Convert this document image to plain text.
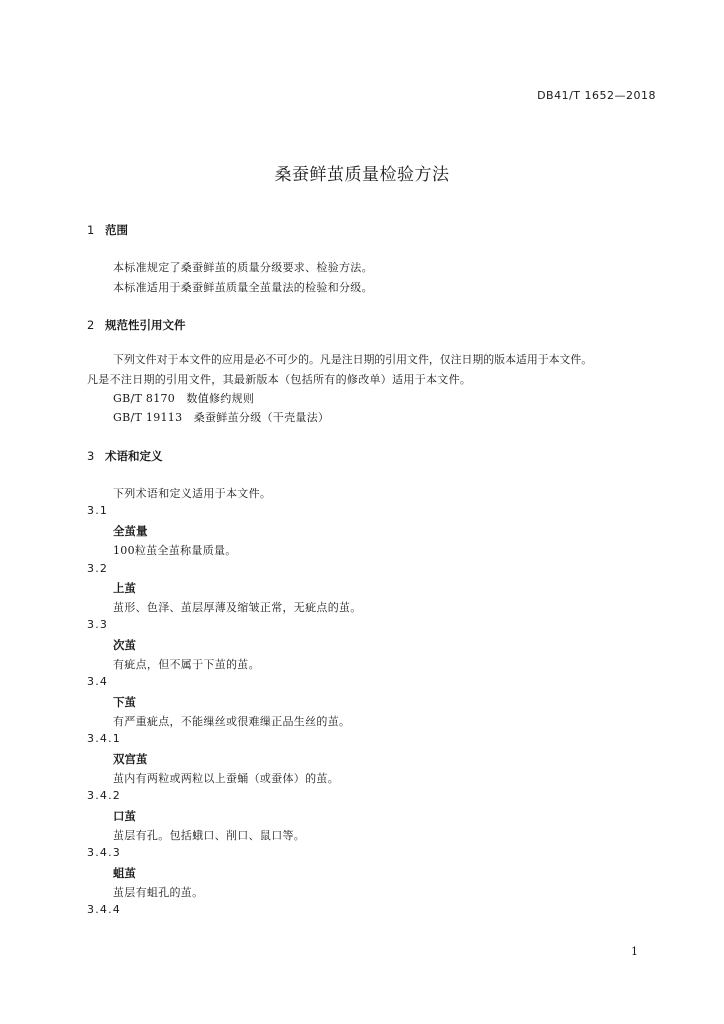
DB41/T 1652—2018
桑蚕鲜茧质量检验方法
1 范围
本标准规定了桑蚕鲜茧的质量分级要求、检验方法。
本标准适用于桑蚕鲜茧质量全茧量法的检验和分级。
2 规范性引用文件
下列文件对于本文件的应用是必不可少的。凡是注日期的引用文件，仅注日期的版本适用于本文件。
凡是不注日期的引用文件，其最新版本（包括所有的修改单）适用于本文件。
GB/T 8170　数值修约规则
GB/T 19113　桑蚕鲜茧分级（干壳量法）
3 术语和定义
下列术语和定义适用于本文件。
3.1
全茧量
100粒茧全茧称量质量。
3.2
上茧
茧形、色泽、茧层厚薄及缩皱正常，无疵点的茧。
3.3
次茧
有疵点，但不属于下茧的茧。
3.4
下茧
有严重疵点，不能缫丝或很难缫正品生丝的茧。
3.4.1
双宫茧
茧内有两粒或两粒以上蚕蛹（或蚕体）的茧。
3.4.2
口茧
茧层有孔。包括蛾口、削口、鼠口等。
3.4.3
蛆茧
茧层有蛆孔的茧。
3.4.4
1
